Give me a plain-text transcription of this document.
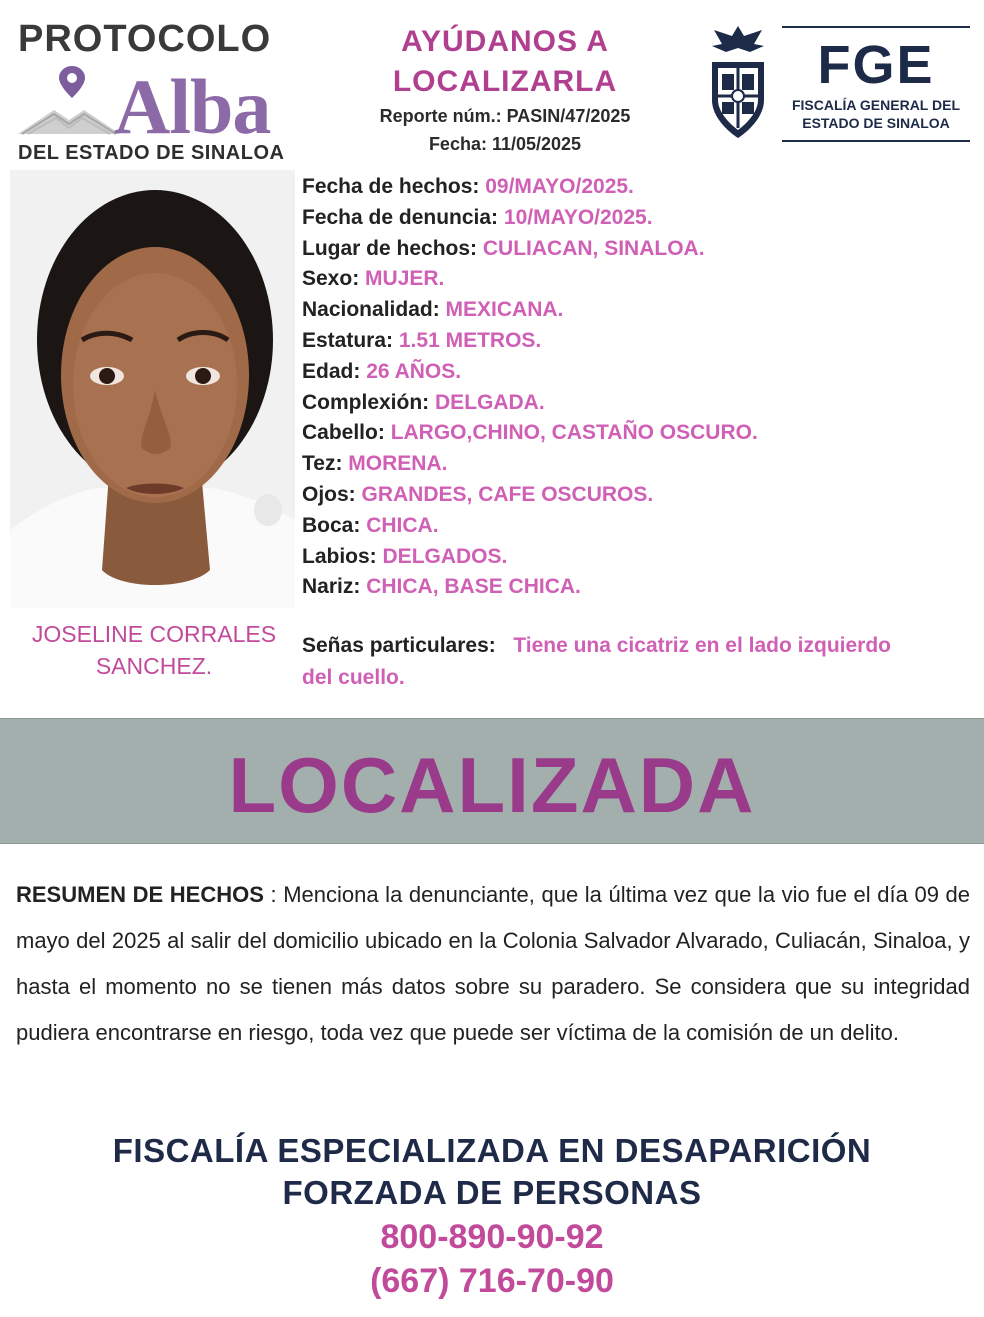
PROTOCOLO
Alba
DEL ESTADO DE SINALOA
AYÚDANOS A
LOCALIZARLA
Reporte núm.: PASIN/47/2025
Fecha: 11/05/2025
FGE
FISCALÍA GENERAL DEL
ESTADO DE SINALOA
JOSELINE CORRALES
SANCHEZ.
Fecha de hechos: 09/MAYO/2025.
Fecha de denuncia: 10/MAYO/2025.
Lugar de hechos: CULIACAN, SINALOA.
Sexo: MUJER.
Nacionalidad: MEXICANA.
Estatura: 1.51 METROS.
Edad: 26 AÑOS.
Complexión: DELGADA.
Cabello: LARGO,CHINO, CASTAÑO OSCURO.
Tez: MORENA.
Ojos: GRANDES, CAFE OSCUROS.
Boca: CHICA.
Labios: DELGADOS.
Nariz: CHICA, BASE CHICA.
Señas particulares: Tiene una cicatriz en el lado izquierdo del cuello.
LOCALIZADA
RESUMEN DE HECHOS : Menciona la denunciante, que la última vez que la vio fue el día 09 de mayo del 2025 al salir del domicilio ubicado en la Colonia Salvador Alvarado, Culiacán, Sinaloa, y hasta el momento no se tienen más datos sobre su paradero. Se considera que su integridad pudiera encontrarse en riesgo, toda vez que puede ser víctima de la comisión de un delito.
FISCALÍA ESPECIALIZADA EN DESAPARICIÓN
FORZADA DE PERSONAS
800-890-90-92
(667) 716-70-90
